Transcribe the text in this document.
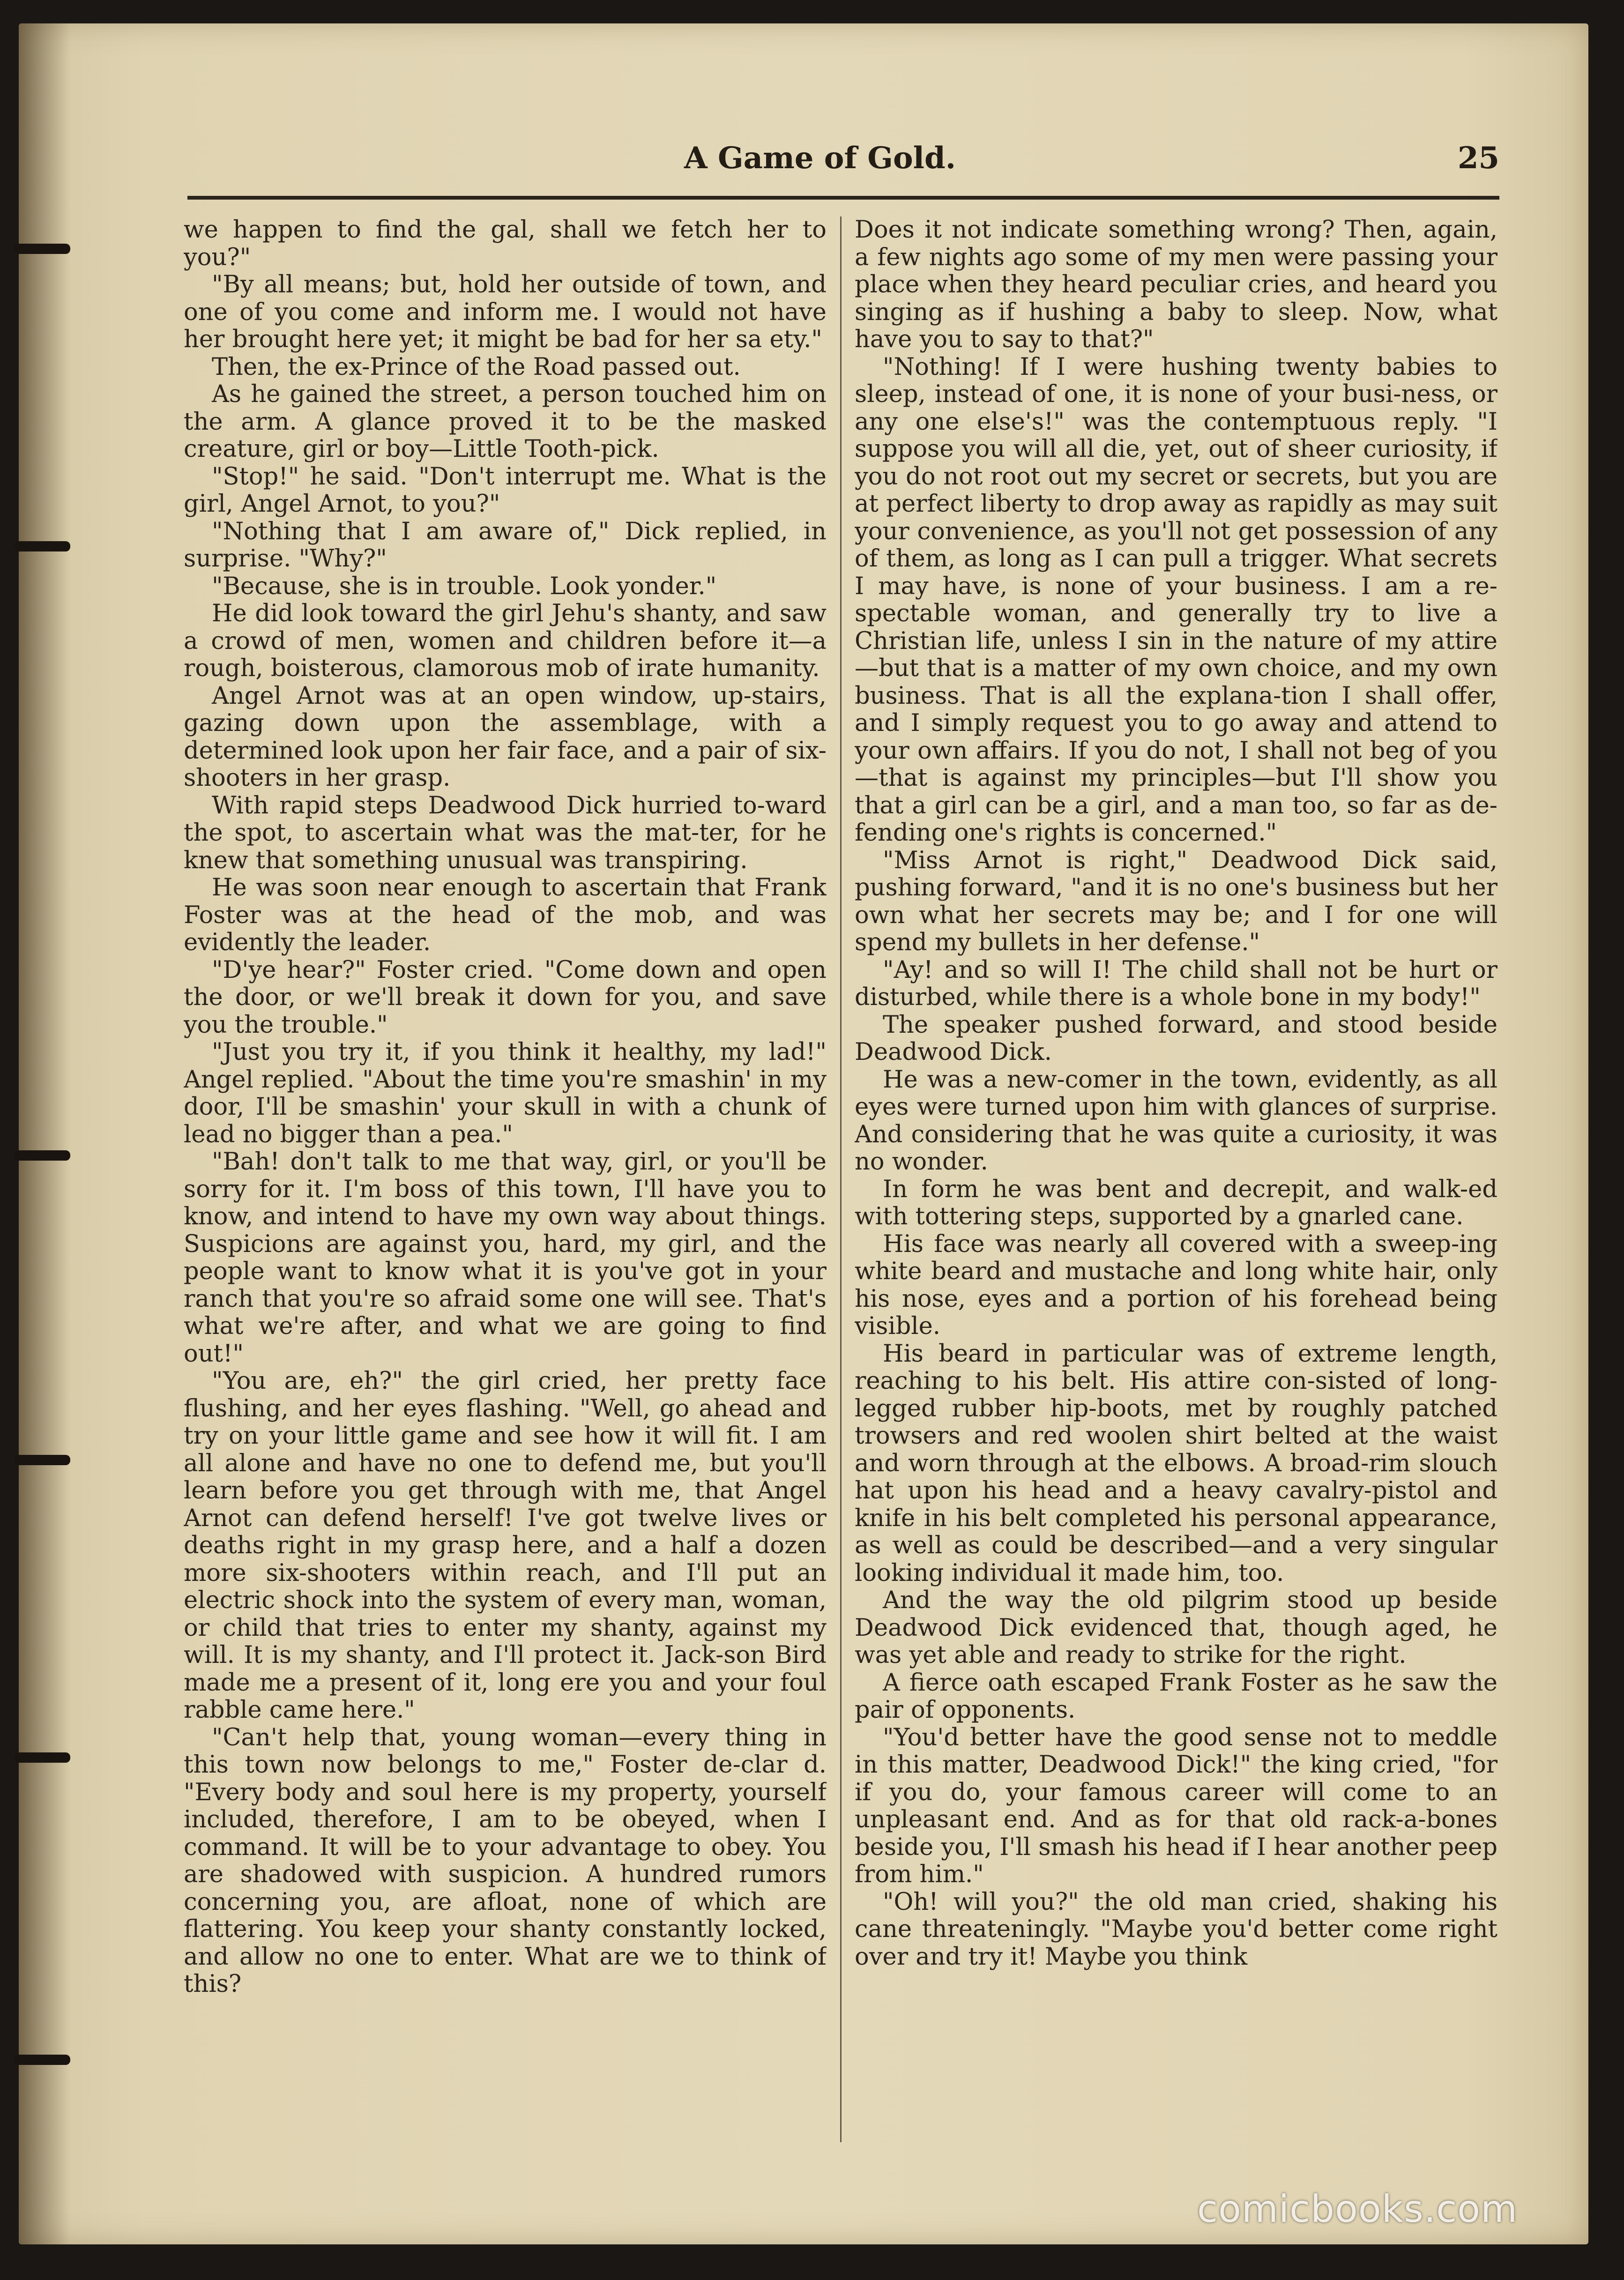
A Game of Gold.	25

we happen to find the gal, shall we fetch her to you?"

"By all means; but, hold her outside of town, and one of you come and inform me. I would not have her brought here yet; it might be bad for her sa ety."

Then, the ex-Prince of the Road passed out.

As he gained the street, a person touched him on the arm. A glance proved it to be the masked creature, girl or boy—Little Tooth-pick.

"Stop!" he said. "Don't interrupt me. What is the girl, Angel Arnot, to you?"

"Nothing that I am aware of," Dick replied, in surprise. "Why?"

"Because, she is in trouble. Look yonder."

He did look toward the girl Jehu's shanty, and saw a crowd of men, women and children before it—a rough, boisterous, clamorous mob of irate humanity.

Angel Arnot was at an open window, up-stairs, gazing down upon the assemblage, with a determined look upon her fair face, and a pair of six-shooters in her grasp.

With rapid steps Deadwood Dick hurried to-ward the spot, to ascertain what was the mat-ter, for he knew that something unusual was transpiring.

He was soon near enough to ascertain that Frank Foster was at the head of the mob, and was evidently the leader.

"D'ye hear?" Foster cried. "Come down and open the door, or we'll break it down for you, and save you the trouble."

"Just you try it, if you think it healthy, my lad!" Angel replied. "About the time you're smashin' in my door, I'll be smashin' your skull in with a chunk of lead no bigger than a pea."

"Bah! don't talk to me that way, girl, or you'll be sorry for it. I'm boss of this town, I'll have you to know, and intend to have my own way about things. Suspicions are against you, hard, my girl, and the people want to know what it is you've got in your ranch that you're so afraid some one will see. That's what we're after, and what we are going to find out!"

"You are, eh?" the girl cried, her pretty face flushing, and her eyes flashing. "Well, go ahead and try on your little game and see how it will fit. I am all alone and have no one to defend me, but you'll learn before you get through with me, that Angel Arnot can defend herself! I've got twelve lives or deaths right in my grasp here, and a half a dozen more six-shooters within reach, and I'll put an electric shock into the system of every man, woman, or child that tries to enter my shanty, against my will. It is my shanty, and I'll protect it. Jack-son Bird made me a present of it, long ere you and your foul rabble came here."

"Can't help that, young woman—every thing in this town now belongs to me," Foster de-clar d. "Every body and soul here is my property, yourself included, therefore, I am to be obeyed, when I command. It will be to your advantage to obey. You are shadowed with suspicion. A hundred rumors concerning you, are afloat, none of which are flattering. You keep your shanty constantly locked, and allow no one to enter. What are we to think of this?

Does it not indicate something wrong? Then, again, a few nights ago some of my men were passing your place when they heard peculiar cries, and heard you singing as if hushing a baby to sleep. Now, what have you to say to that?"

"Nothing! If I were hushing twenty babies to sleep, instead of one, it is none of your busi-ness, or any one else's!" was the contemptuous reply. "I suppose you will all die, yet, out of sheer curiosity, if you do not root out my secret or secrets, but you are at perfect liberty to drop away as rapidly as may suit your convenience, as you'll not get possession of any of them, as long as I can pull a trigger. What secrets I may have, is none of your business. I am a re-spectable woman, and generally try to live a Christian life, unless I sin in the nature of my attire—but that is a matter of my own choice, and my own business. That is all the explana-tion I shall offer, and I simply request you to go away and attend to your own affairs. If you do not, I shall not beg of you—that is against my principles—but I'll show you that a girl can be a girl, and a man too, so far as de-fending one's rights is concerned."

"Miss Arnot is right," Deadwood Dick said, pushing forward, "and it is no one's business but her own what her secrets may be; and I for one will spend my bullets in her defense."

"Ay! and so will I! The child shall not be hurt or disturbed, while there is a whole bone in my body!"

The speaker pushed forward, and stood beside Deadwood Dick.

He was a new-comer in the town, evidently, as all eyes were turned upon him with glances of surprise. And considering that he was quite a curiosity, it was no wonder.

In form he was bent and decrepit, and walk-ed with tottering steps, supported by a gnarled cane.

His face was nearly all covered with a sweep-ing white beard and mustache and long white hair, only his nose, eyes and a portion of his forehead being visible.

His beard in particular was of extreme length, reaching to his belt. His attire con-sisted of long-legged rubber hip-boots, met by roughly patched trowsers and red woolen shirt belted at the waist and worn through at the elbows. A broad-rim slouch hat upon his head and a heavy cavalry-pistol and knife in his belt completed his personal appearance, as well as could be described—and a very singular looking individual it made him, too.

And the way the old pilgrim stood up beside Deadwood Dick evidenced that, though aged, he was yet able and ready to strike for the right.

A fierce oath escaped Frank Foster as he saw the pair of opponents.

"You'd better have the good sense not to meddle in this matter, Deadwood Dick!" the king cried, "for if you do, your famous career will come to an unpleasant end. And as for that old rack-a-bones beside you, I'll smash his head if I hear another peep from him."

"Oh! will you?" the old man cried, shaking his cane threateningly. "Maybe you'd better come right over and try it! Maybe you think

comicbooks.com
